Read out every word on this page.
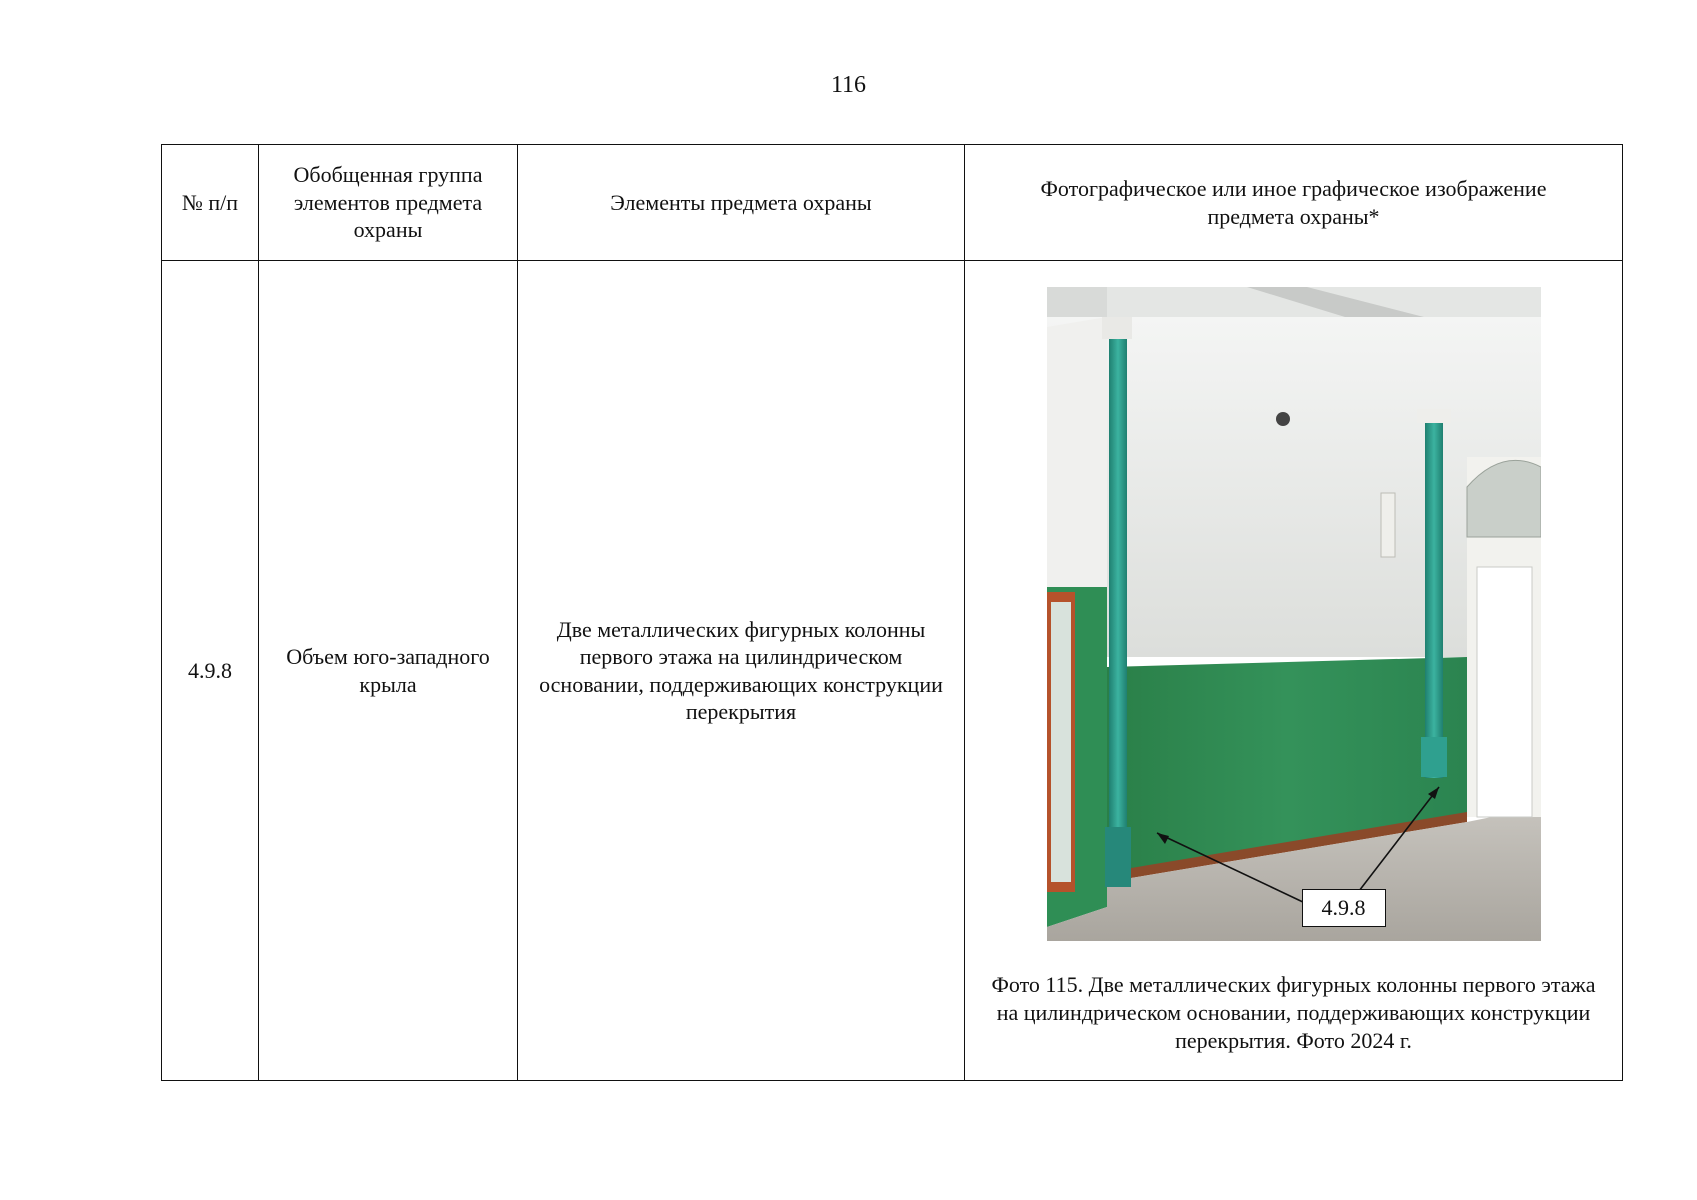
116
№ п/п	Обобщенная группа элементов предмета охраны	Элементы предмета охраны	Фотографическое или иное графическое изображение предмета охраны*
4.9.8	Объем юго-западного крыла	Две металлических фигурных колонны первого этажа на цилиндрическом основании, поддерживающих конструкции перекрытия	4.9.8
Фото 115. Две металлических фигурных колонны первого этажа на цилиндрическом основании, поддерживающих конструкции перекрытия. Фото 2024 г.
